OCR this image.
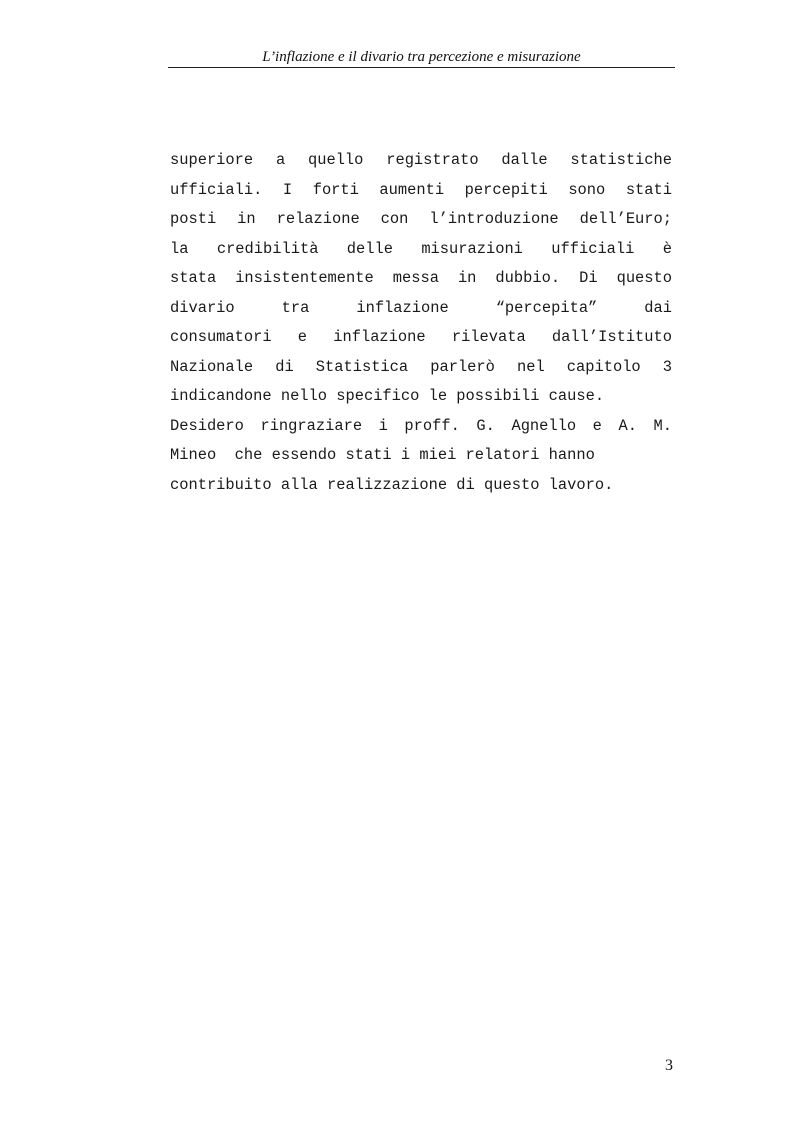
L’inflazione e il divario tra percezione e misurazione
superiore a quello registrato dalle statistiche
ufficiali. I forti aumenti percepiti sono stati
posti in relazione con l’introduzione dell’Euro;
la credibilità delle misurazioni ufficiali è
stata insistentemente messa in dubbio. Di questo
divario tra inflazione “percepita” dai
consumatori e inflazione rilevata dall’Istituto
Nazionale di Statistica parlerò nel capitolo 3
indicandone nello specifico le possibili cause.
Desidero ringraziare i proff. G. Agnello e A. M.
Mineo  che essendo stati i miei relatori hanno
contribuito alla realizzazione di questo lavoro.
3
